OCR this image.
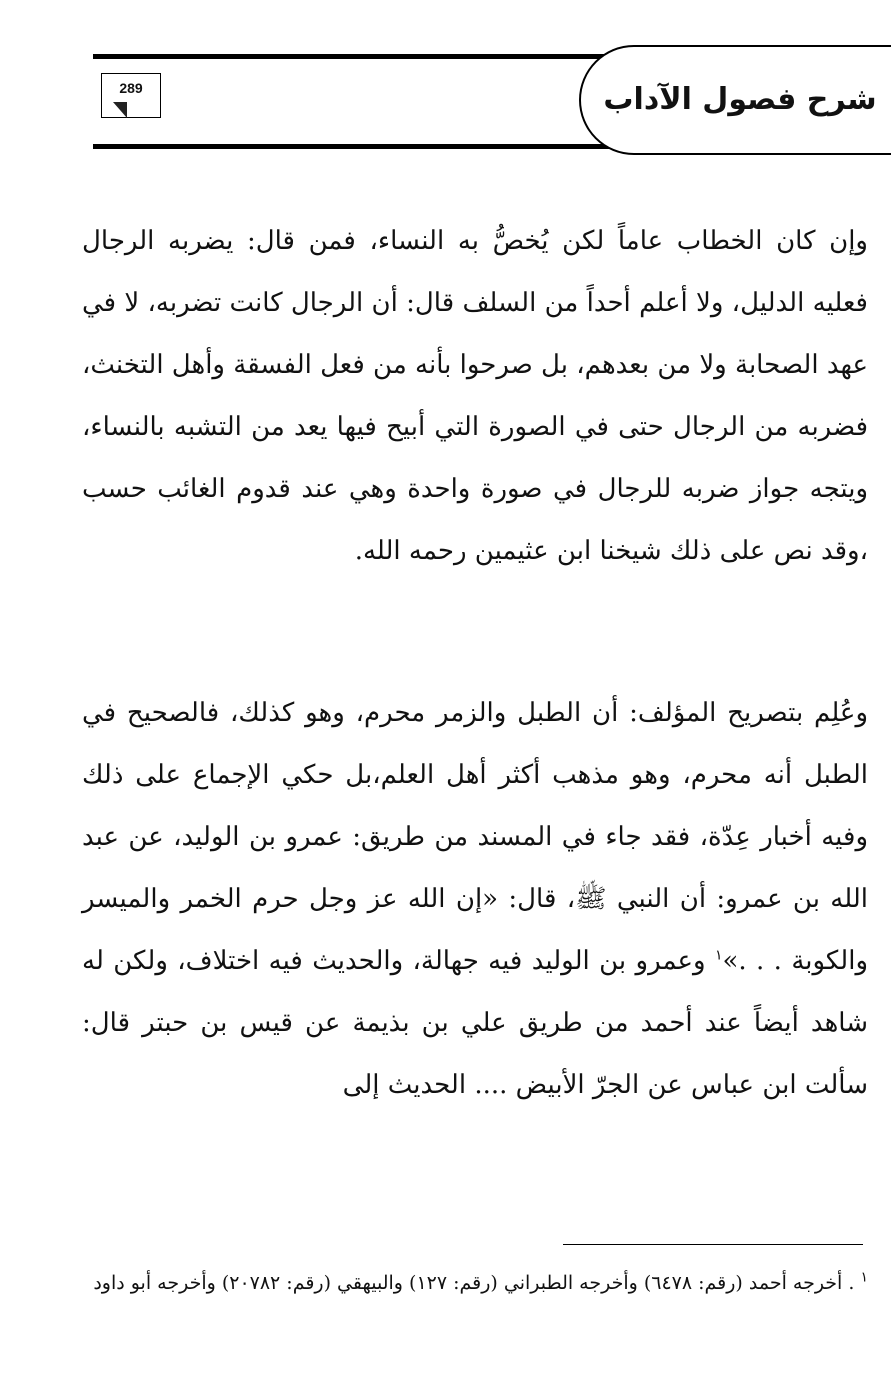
شرح فصول الآداب
289
وإن كان الخطاب عاماً لكن يُخصُّ به النساء، فمن قال: يضربه الرجال فعليه الدليل، ولا أعلم أحداً من السلف قال: أن الرجال كانت تضربه، لا في عهد الصحابة ولا من بعدهم، بل صرحوا بأنه من فعل الفسقة وأهل التخنث، فضربه من الرجال حتى في الصورة التي أبيح فيها يعد من التشبه بالنساء، ويتجه جواز ضربه للرجال في صورة واحدة وهي عند قدوم الغائب حسب ،وقد نص على ذلك شيخنا ابن عثيمين رحمه الله.
وعُلِم بتصريح المؤلف: أن الطبل والزمر محرم، وهو كذلك، فالصحيح في الطبل أنه محرم، وهو مذهب أكثر أهل العلم،بل حكي الإجماع على ذلك وفيه أخبار عِدّة، فقد جاء في المسند من طريق: عمرو بن الوليد، عن عبد الله بن عمرو: أن النبي ﷺ، قال: «إن الله عز وجل حرم الخمر والميسر والكوبة . . .»$^١$ وعمرو بن الوليد فيه جهالة، والحديث فيه اختلاف، ولكن له شاهد أيضاً عند أحمد من طريق علي بن بذيمة عن قيس بن حبتر قال: سألت ابن عباس عن الجرّ الأبيض .... الحديث إلى
$^١$ . أخرجه أحمد (رقم: ٦٤٧٨) وأخرجه الطبراني (رقم: ١٢٧) والبيهقي (رقم: ٢٠٧٨٢) وأخرجه أبو داود
